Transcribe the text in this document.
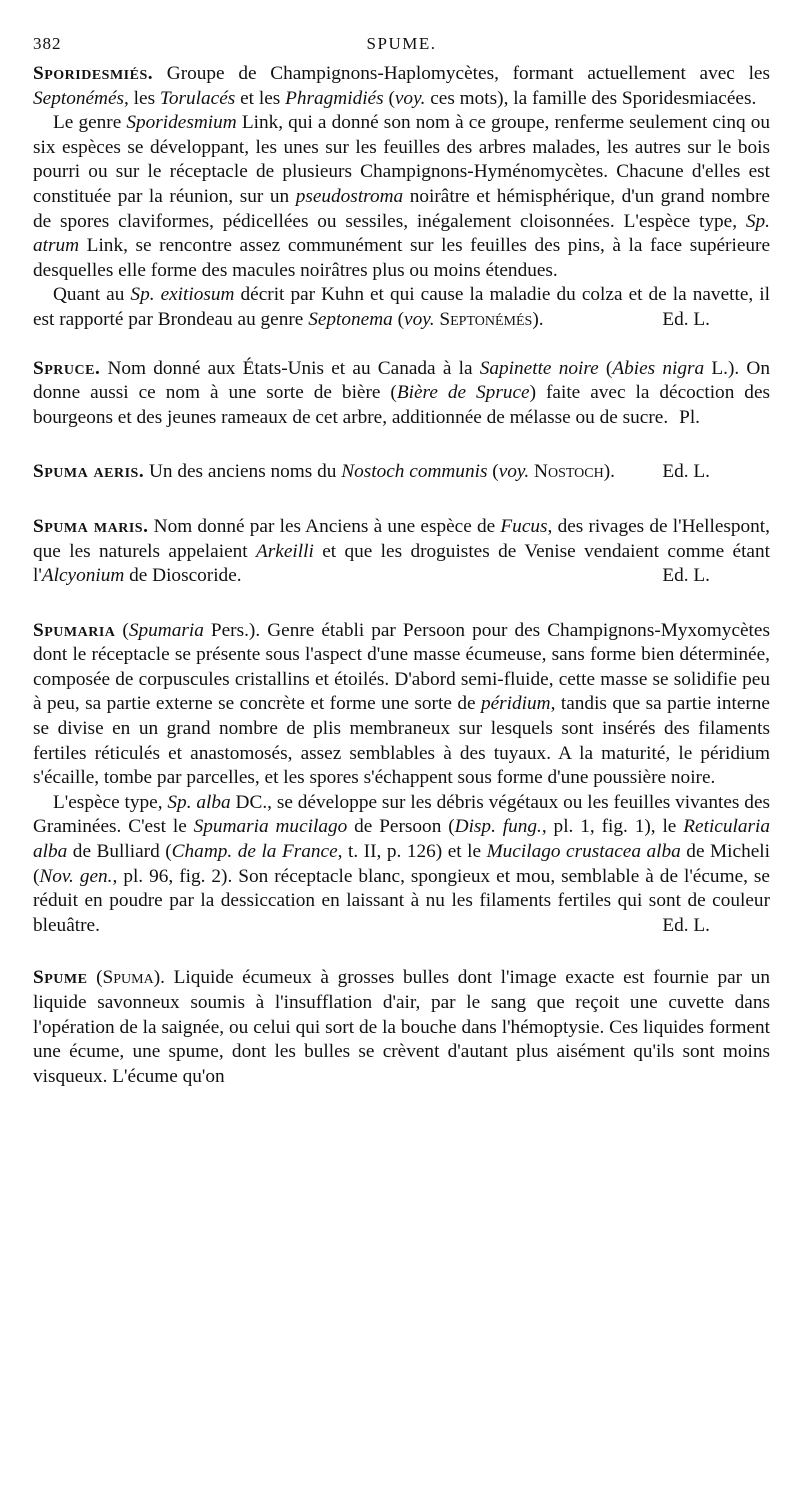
382	SPUME.

Sporidesmiés. Groupe de Champignons-Haplomycètes, formant actuellement avec les Septonémés, les Torulacés et les Phragmidiés (voy. ces mots), la famille des Sporidesmiacées.

Le genre Sporidesmium Link, qui a donné son nom à ce groupe, renferme seulement cinq ou six espèces se développant, les unes sur les feuilles des arbres malades, les autres sur le bois pourri ou sur le réceptacle de plusieurs Champignons-Hyménomycètes. Chacune d'elles est constituée par la réunion, sur un pseudostroma noirâtre et hémisphérique, d'un grand nombre de spores claviformes, pédicellées ou sessiles, inégalement cloisonnées. L'espèce type, Sp. atrum Link, se rencontre assez communément sur les feuilles des pins, à la face supérieure desquelles elle forme des macules noirâtres plus ou moins étendues.

Quant au Sp. exitiosum décrit par Kuhn et qui cause la maladie du colza et de la navette, il est rapporté par Brondeau au genre Septonema (voy. Septonémés).	Ed. L.

Spruce. Nom donné aux États-Unis et au Canada à la Sapinette noire (Abies nigra L.). On donne aussi ce nom à une sorte de bière (Bière de Spruce) faite avec la décoction des bourgeons et des jeunes rameaux de cet arbre, additionnée de mélasse ou de sucre. Pl.

Spuma aeris. Un des anciens noms du Nostoch communis (voy. Nostoch). Ed. L.

Spuma maris. Nom donné par les Anciens à une espèce de Fucus, des rivages de l'Hellespont, que les naturels appelaient Arkeilli et que les droguistes de Venise vendaient comme étant l'Alcyonium de Dioscoride.	Ed. L.

Spumaria (Spumaria Pers.). Genre établi par Persoon pour des Champignons-Myxomycètes dont le réceptacle se présente sous l'aspect d'une masse écumeuse, sans forme bien déterminée, composée de corpuscules cristallins et étoilés. D'abord semi-fluide, cette masse se solidifie peu à peu, sa partie externe se concrète et forme une sorte de péridium, tandis que sa partie interne se divise en un grand nombre de plis membraneux sur lesquels sont insérés des filaments fertiles réticulés et anastomosés, assez semblables à des tuyaux. A la maturité, le péridium s'écaille, tombe par parcelles, et les spores s'échappent sous forme d'une poussière noire.

L'espèce type, Sp. alba DC., se développe sur les débris végétaux ou les feuilles vivantes des Graminées. C'est le Spumaria mucilago de Persoon (Disp. fung., pl. 1, fig. 1), le Reticularia alba de Bulliard (Champ. de la France, t. II, p. 126) et le Mucilago crustacea alba de Micheli (Nov. gen., pl. 96, fig. 2). Son réceptacle blanc, spongieux et mou, semblable à de l'écume, se réduit en poudre par la dessiccation en laissant à nu les filaments fertiles qui sont de couleur bleuâtre.	Ed. L.

Spume (Spuma). Liquide écumeux à grosses bulles dont l'image exacte est fournie par un liquide savonneux soumis à l'insufflation d'air, par le sang que reçoit une cuvette dans l'opération de la saignée, ou celui qui sort de la bouche dans l'hémoptysie. Ces liquides forment une écume, une spume, dont les bulles se crèvent d'autant plus aisément qu'ils sont moins visqueux. L'écume qu'on
